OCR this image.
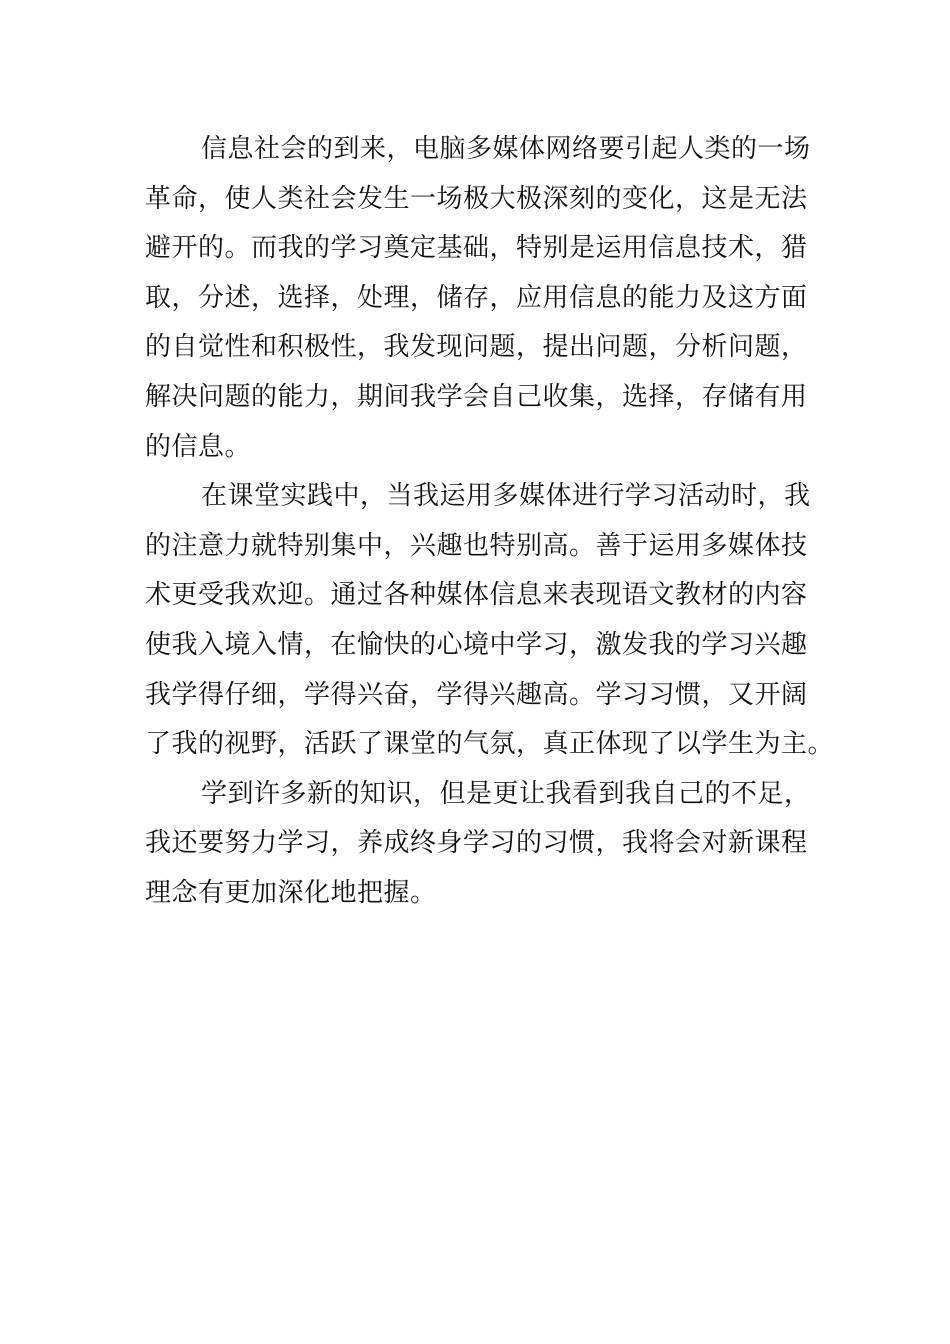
信息社会的到来，电脑多媒体网络要引起人类的一场
革命，使人类社会发生一场极大极深刻的变化，这是无法
避开的。而我的学习奠定基础，特别是运用信息技术，猎
取，分述，选择，处理，储存，应用信息的能力及这方面
的自觉性和积极性，我发现问题，提出问题，分析问题，
解决问题的能力，期间我学会自己收集，选择，存储有用
的信息。
在课堂实践中，当我运用多媒体进行学习活动时，我
的注意力就特别集中，兴趣也特别高。善于运用多媒体技
术更受我欢迎。通过各种媒体信息来表现语文教材的内容
使我入境入情，在愉快的心境中学习，激发我的学习兴趣
我学得仔细，学得兴奋，学得兴趣高。学习习惯，又开阔
了我的视野，活跃了课堂的气氛，真正体现了以学生为主。
学到许多新的知识，但是更让我看到我自己的不足，
我还要努力学习，养成终身学习的习惯，我将会对新课程
理念有更加深化地把握。
